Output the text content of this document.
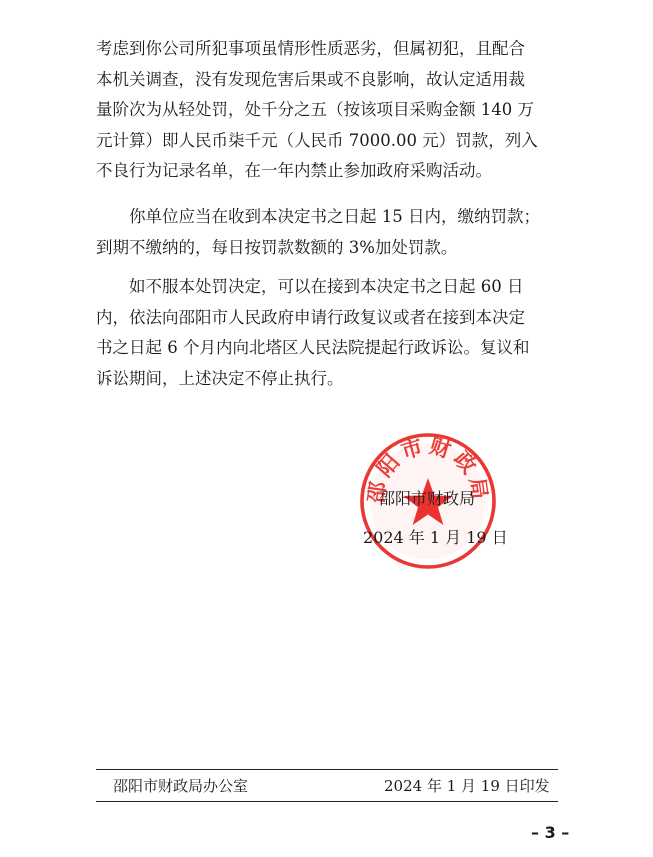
考虑到你公司所犯事项虽情形性质恶劣，但属初犯，且配合
本机关调查，没有发现危害后果或不良影响，故认定适用裁
量阶次为从轻处罚，处千分之五（按该项目采购金额 140 万
元计算）即人民币柒千元（人民币 7000.00 元）罚款，列入
不良行为记录名单，在一年内禁止参加政府采购活动。
你单位应当在收到本决定书之日起 15 日内，缴纳罚款；
到期不缴纳的，每日按罚款数额的 3%加处罚款。
如不服本处罚决定，可以在接到本决定书之日起 60 日
内，依法向邵阳市人民政府申请行政复议或者在接到本决定
书之日起 6 个月内向北塔区人民法院提起行政诉讼。复议和
诉讼期间，上述决定不停止执行。
邵阳市财政局
邵阳市财政局
2024 年 1 月 19 日
邵阳市财政局办公室	2024 年 1 月 19 日印发
– 3 –
